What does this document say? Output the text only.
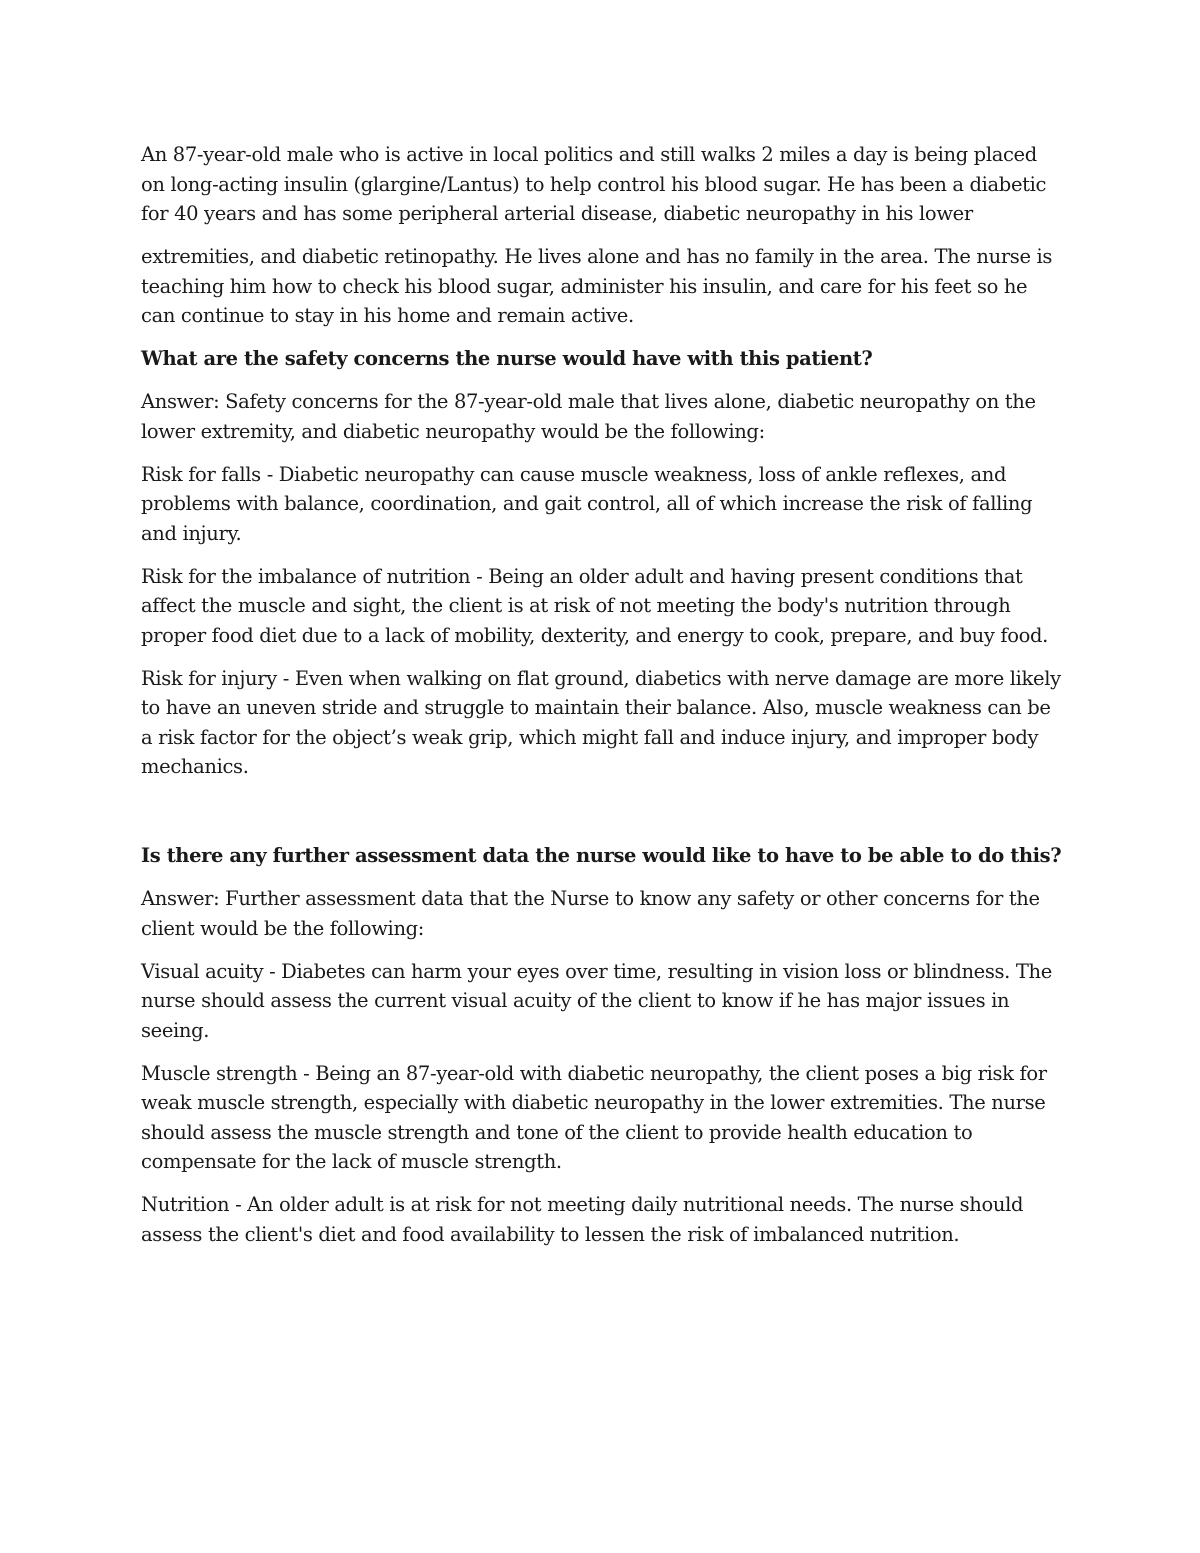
An 87-year-old male who is active in local politics and still walks 2 miles a day is being placed on long-acting insulin (glargine/Lantus) to help control his blood sugar. He has been a diabetic for 40 years and has some peripheral arterial disease, diabetic neuropathy in his lower

extremities, and diabetic retinopathy. He lives alone and has no family in the area. The nurse is teaching him how to check his blood sugar, administer his insulin, and care for his feet so he can continue to stay in his home and remain active.

What are the safety concerns the nurse would have with this patient?

Answer: Safety concerns for the 87-year-old male that lives alone, diabetic neuropathy on the lower extremity, and diabetic neuropathy would be the following:

Risk for falls - Diabetic neuropathy can cause muscle weakness, loss of ankle reflexes, and problems with balance, coordination, and gait control, all of which increase the risk of falling and injury.

Risk for the imbalance of nutrition - Being an older adult and having present conditions that affect the muscle and sight, the client is at risk of not meeting the body's nutrition through proper food diet due to a lack of mobility, dexterity, and energy to cook, prepare, and buy food.

Risk for injury - Even when walking on flat ground, diabetics with nerve damage are more likely to have an uneven stride and struggle to maintain their balance. Also, muscle weakness can be a risk factor for the object’s weak grip, which might fall and induce injury, and improper body mechanics.

Is there any further assessment data the nurse would like to have to be able to do this?

Answer: Further assessment data that the Nurse to know any safety or other concerns for the client would be the following:

Visual acuity - Diabetes can harm your eyes over time, resulting in vision loss or blindness. The nurse should assess the current visual acuity of the client to know if he has major issues in seeing.

Muscle strength - Being an 87-year-old with diabetic neuropathy, the client poses a big risk for weak muscle strength, especially with diabetic neuropathy in the lower extremities. The nurse should assess the muscle strength and tone of the client to provide health education to compensate for the lack of muscle strength.

Nutrition - An older adult is at risk for not meeting daily nutritional needs. The nurse should assess the client's diet and food availability to lessen the risk of imbalanced nutrition.
